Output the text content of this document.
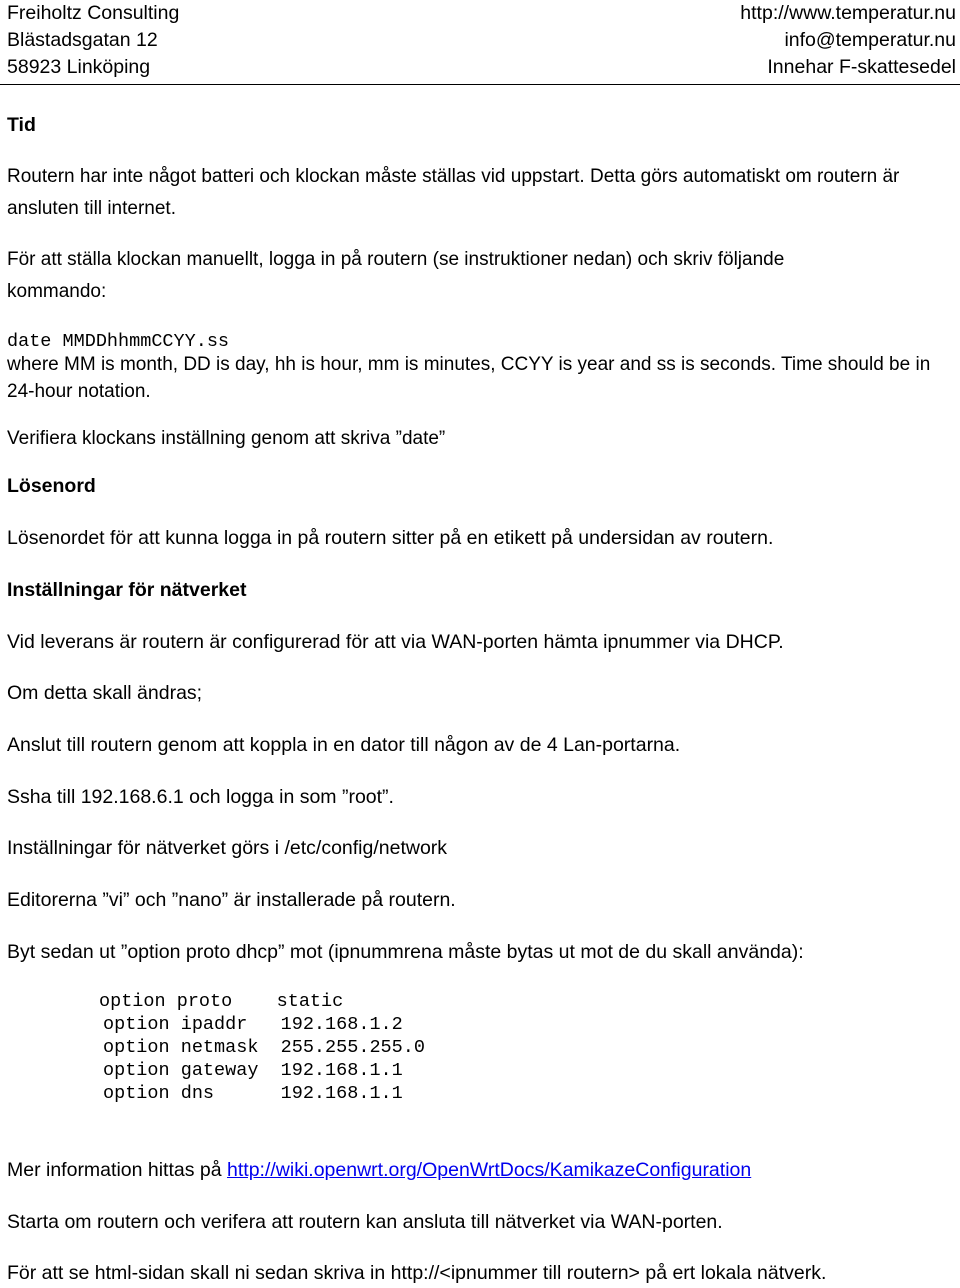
Freiholtz Consulting
Blästadsgatan 12
58923 Linköping
http://www.temperatur.nu
info@temperatur.nu
Innehar F-skattesedel
Tid
Routern har inte något batteri och klockan måste ställas vid uppstart. Detta görs automatiskt om routern är ansluten till internet.
För att ställa klockan manuellt, logga in på routern (se instruktioner nedan) och skriv följande kommando:
date MMDDhhmmCCYY.ss
where MM is month, DD is day, hh is hour, mm is minutes, CCYY is year and ss is seconds. Time should be in 24-hour notation.
Verifiera klockans inställning genom att skriva ”date”
Lösenord
Lösenordet för att kunna logga in på routern sitter på en etikett på undersidan av routern.
Inställningar för nätverket
Vid leverans är routern är configurerad för att via WAN-porten hämta ipnummer via DHCP.
Om detta skall ändras;
Anslut till routern genom att koppla in en dator till någon av de 4 Lan-portarna.
Ssha till 192.168.6.1 och logga in som ”root”.
Inställningar för nätverket görs i /etc/config/network
Editorerna ”vi” och ”nano” är installerade på routern.
Byt sedan ut ”option proto dhcp” mot (ipnummrena måste bytas ut mot de du skall använda):
option proto    static
option ipaddr   192.168.1.2
option netmask  255.255.255.0
option gateway  192.168.1.1
option dns      192.168.1.1
Mer information hittas på http://wiki.openwrt.org/OpenWrtDocs/KamikazeConfiguration
Starta om routern och verifera att routern kan ansluta till nätverket via WAN-porten.
För att se html-sidan skall ni sedan skriva in http://<ipnummer till routern> på ert lokala nätverk.
